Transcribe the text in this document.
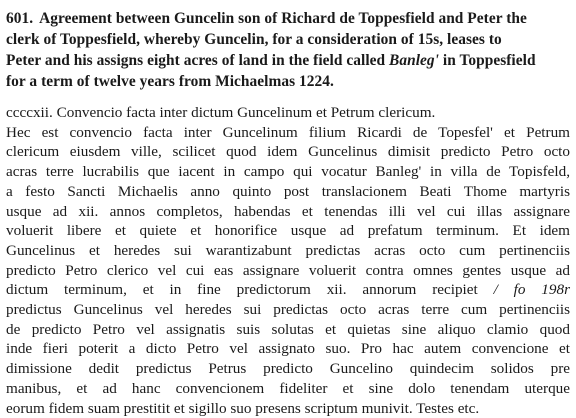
601. Agreement between Guncelin son of Richard de Toppesfield and Peter the
clerk of Toppesfield, whereby Guncelin, for a consideration of 15s, leases to
Peter and his assigns eight acres of land in the field called Banleg' in Toppesfield
for a term of twelve years from Michaelmas 1224.
ccccxii. Convencio facta inter dictum Guncelinum et Petrum clericum.
Hec est convencio facta inter Guncelinum filium Ricardi de Topesfel' et Petrum
clericum eiusdem ville, scilicet quod idem Guncelinus dimisit predicto Petro octo
acras terre lucrabilis que iacent in campo qui vocatur Banleg' in villa de Topisfeld,
a festo Sancti Michaelis anno quinto post translacionem Beati Thome martyris
usque ad xii. annos completos, habendas et tenendas illi vel cui illas assignare
voluerit libere et quiete et honorifice usque ad prefatum terminum. Et idem
Guncelinus et heredes sui warantizabunt predictas acras octo cum pertinenciis
predicto Petro clerico vel cui eas assignare voluerit contra omnes gentes usque ad
dictum terminum, et in fine predictorum xii. annorum recipiet / fo 198r
predictus Guncelinus vel heredes sui predictas octo acras terre cum pertinenciis
de predicto Petro vel assignatis suis solutas et quietas sine aliquo clamio quod
inde fieri poterit a dicto Petro vel assignato suo. Pro hac autem convencione et
dimissione dedit predictus Petrus predicto Guncelino quindecim solidos pre
manibus, et ad hanc convencionem fideliter et sine dolo tenendam uterque
eorum fidem suam prestitit et sigillo suo presens scriptum munivit. Testes etc.
